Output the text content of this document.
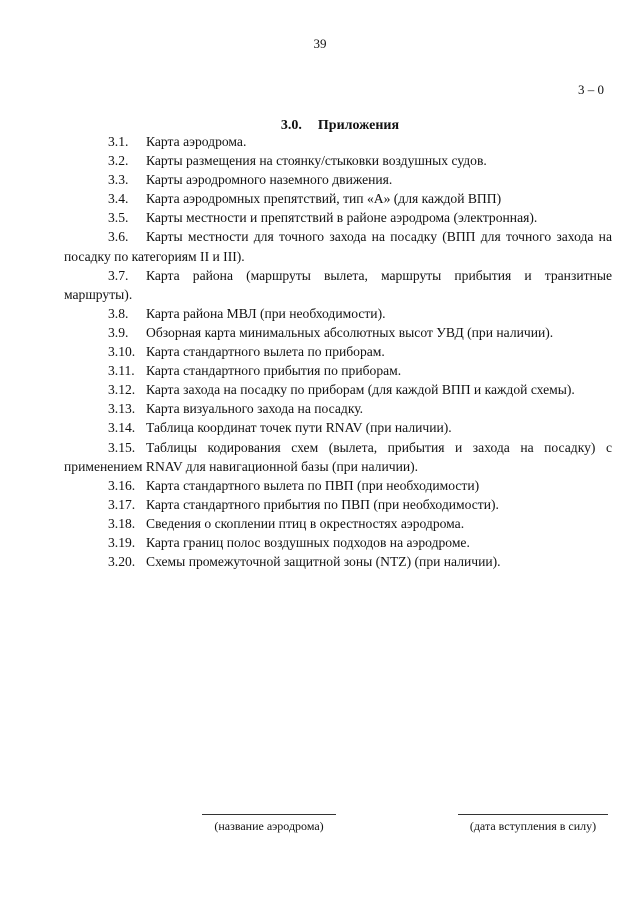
39
3 – 0
3.0. Приложения
3.1.	Карта аэродрома.
3.2.	Карты размещения на стоянку/стыковки воздушных судов.
3.3.	Карты аэродромного наземного движения.
3.4.	Карта аэродромных препятствий, тип «А» (для каждой ВПП)
3.5.	Карты местности и препятствий в районе аэродрома (электронная).
3.6. Карты местности для точного захода на посадку (ВПП для точного захода на посадку по категориям II и III).
3.7. Карта района (маршруты вылета, маршруты прибытия и транзитные маршруты).
3.8.	Карта района МВЛ (при необходимости).
3.9.	Обзорная карта минимальных абсолютных высот УВД (при наличии).
3.10. Карта стандартного вылета по приборам.
3.11. Карта стандартного прибытия по приборам.
3.12. Карта захода на посадку по приборам (для каждой ВПП и каждой схемы).
3.13. Карта визуального захода на посадку.
3.14. Таблица координат точек пути RNAV (при наличии).
3.15. Таблицы кодирования схем (вылета, прибытия и захода на посадку) с применением RNAV для навигационной базы (при наличии).
3.16. Карта стандартного вылета по ПВП (при необходимости)
3.17. Карта стандартного прибытия по ПВП (при необходимости).
3.18. Сведения о скоплении птиц в окрестностях аэродрома.
3.19. Карта границ полос воздушных подходов на аэродроме.
3.20. Схемы промежуточной защитной зоны (NTZ) (при наличии).
(название аэродрома)	(дата вступления в силу)
